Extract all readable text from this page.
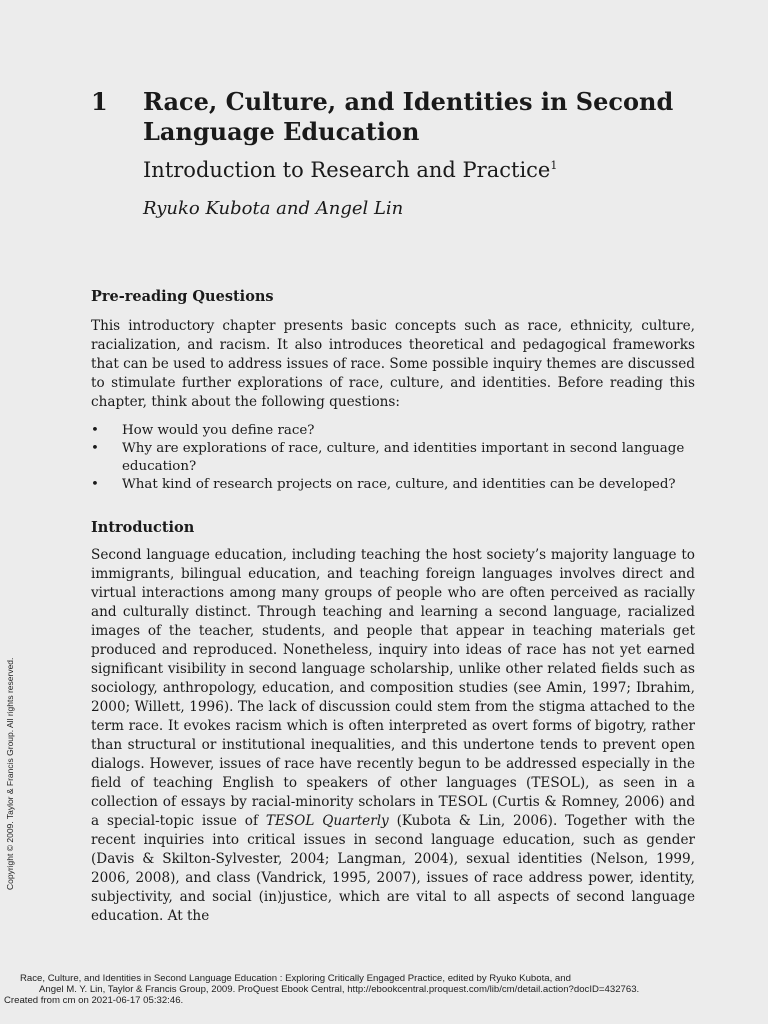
1 Race, Culture, and Identities in Second Language Education
Introduction to Research and Practice$^1$
Ryuko Kubota and Angel Lin
Pre-reading Questions
This introductory chapter presents basic concepts such as race, ethnicity, culture, racialization, and racism. It also introduces theoretical and pedagogical frameworks that can be used to address issues of race. Some possible inquiry themes are discussed to stimulate further explorations of race, culture, and identities. Before reading this chapter, think about the following questions:
• How would you define race?
• Why are explorations of race, culture, and identities important in second language education?
• What kind of research projects on race, culture, and identities can be developed?
Introduction
Second language education, including teaching the host society’s majority language to immigrants, bilingual education, and teaching foreign languages involves direct and virtual interactions among many groups of people who are often perceived as racially and culturally distinct. Through teaching and learning a second language, racialized images of the teacher, students, and people that appear in teaching materials get produced and reproduced. Nonetheless, inquiry into ideas of race has not yet earned significant visibility in second language scholarship, unlike other related fields such as sociology, anthropology, education, and composition studies (see Amin, 1997; Ibrahim, 2000; Willett, 1996). The lack of discussion could stem from the stigma attached to the term race. It evokes racism which is often interpreted as overt forms of bigotry, rather than structural or institutional inequalities, and this undertone tends to prevent open dialogs. However, issues of race have recently begun to be addressed especially in the field of teaching English to speakers of other languages (TESOL), as seen in a collection of essays by racial-minority scholars in TESOL (Curtis & Romney, 2006) and a special-topic issue of TESOL Quarterly (Kubota & Lin, 2006). Together with the recent inquiries into critical issues in second language education, such as gender (Davis & Skilton-Sylvester, 2004; Langman, 2004), sexual identities (Nelson, 1999, 2006, 2008), and class (Vandrick, 1995, 2007), issues of race address power, identity, subjectivity, and social (in)justice, which are vital to all aspects of second language education. At the
Copyright © 2009. Taylor & Francis Group. All rights reserved.
Race, Culture, and Identities in Second Language Education : Exploring Critically Engaged Practice, edited by Ryuko Kubota, and
Angel M. Y. Lin, Taylor & Francis Group, 2009. ProQuest Ebook Central, http://ebookcentral.proquest.com/lib/cm/detail.action?docID=432763.
Created from cm on 2021-06-17 05:32:46.
